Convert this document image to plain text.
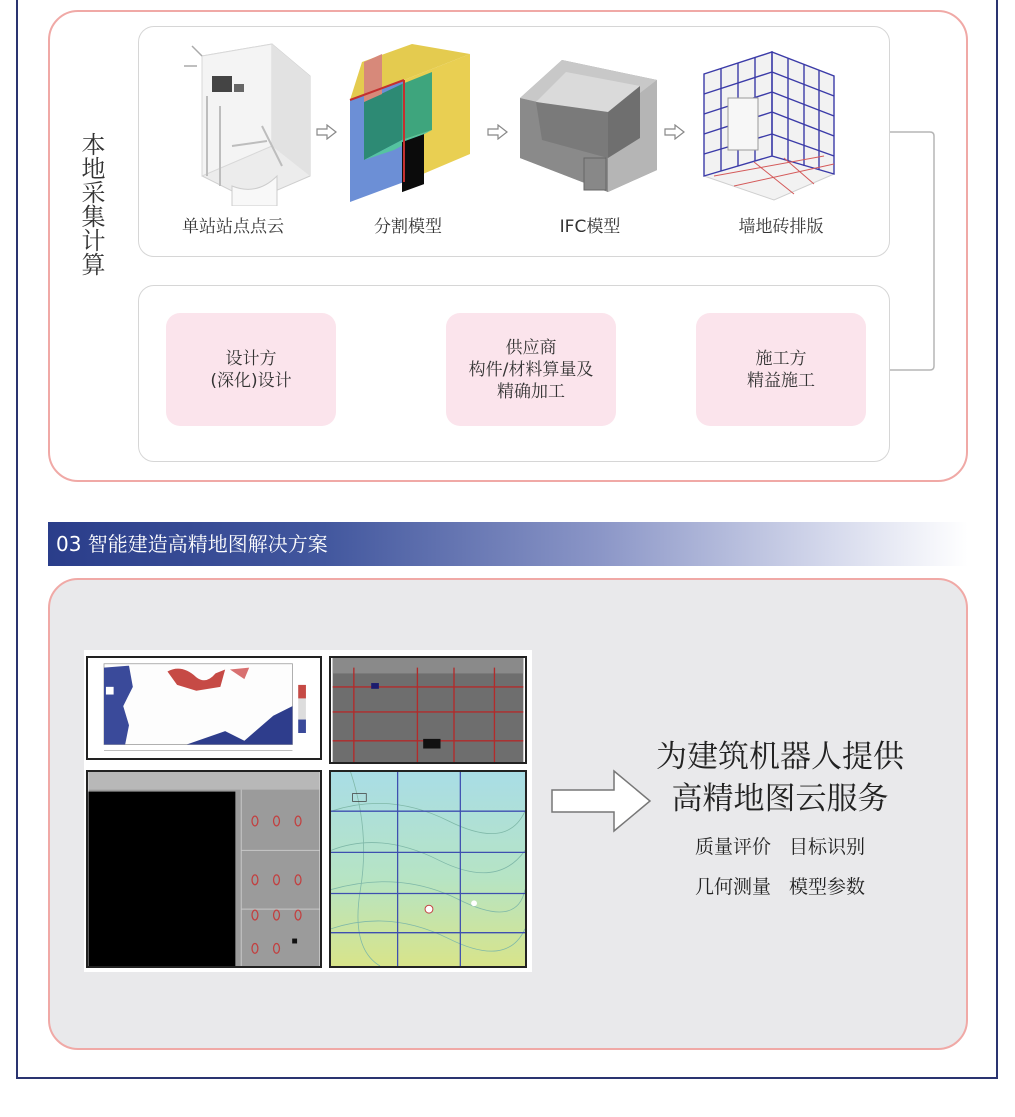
本地采集计算	单站站点点云	分割模型	IFC模型	墙地砖排版
设计方
(深化)设计
供应商
构件/材料算量及
精确加工
施工方
精益施工
03 智能建造高精地图解决方案
为建筑机器人提供
高精地图云服务
质量评价   目标识别
几何测量   模型参数
